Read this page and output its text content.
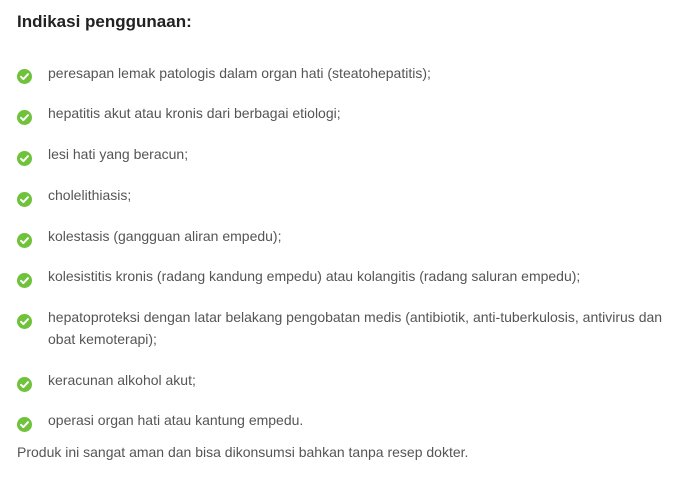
Indikasi penggunaan:
peresapan lemak patologis dalam organ hati (steatohepatitis);
hepatitis akut atau kronis dari berbagai etiologi;
lesi hati yang beracun;
cholelithiasis;
kolestasis (gangguan aliran empedu);
kolesistitis kronis (radang kandung empedu) atau kolangitis (radang saluran empedu);
hepatoproteksi dengan latar belakang pengobatan medis (antibiotik, anti-tuberkulosis, antivirus dan obat kemoterapi);
keracunan alkohol akut;
operasi organ hati atau kantung empedu.

Produk ini sangat aman dan bisa dikonsumsi bahkan tanpa resep dokter.
